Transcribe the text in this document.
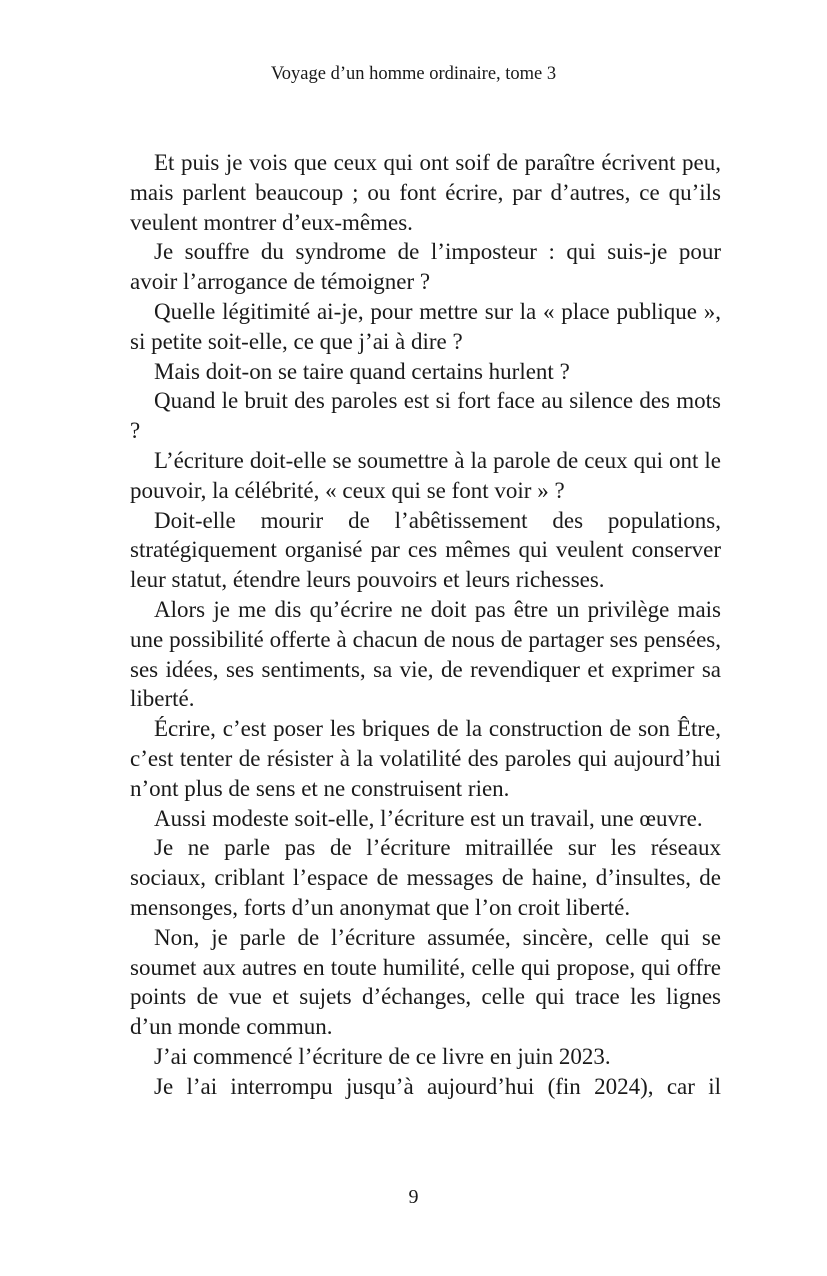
Voyage d’un homme ordinaire, tome 3

Et puis je vois que ceux qui ont soif de paraître écrivent peu, mais parlent beaucoup ; ou font écrire, par d’autres, ce qu’ils veulent montrer d’eux-mêmes.

Je souffre du syndrome de l’imposteur : qui suis-je pour avoir l’arrogance de témoigner ?

Quelle légitimité ai-je, pour mettre sur la « place publique », si petite soit-elle, ce que j’ai à dire ?

Mais doit-on se taire quand certains hurlent ?

Quand le bruit des paroles est si fort face au silence des mots ?

L’écriture doit-elle se soumettre à la parole de ceux qui ont le pouvoir, la célébrité, « ceux qui se font voir » ?

Doit-elle mourir de l’abêtissement des populations, stratégiquement organisé par ces mêmes qui veulent conserver leur statut, étendre leurs pouvoirs et leurs richesses.

Alors je me dis qu’écrire ne doit pas être un privilège mais une possibilité offerte à chacun de nous de partager ses pensées, ses idées, ses sentiments, sa vie, de revendiquer et exprimer sa liberté.

Écrire, c’est poser les briques de la construction de son Être, c’est tenter de résister à la volatilité des paroles qui aujourd’hui n’ont plus de sens et ne construisent rien.

Aussi modeste soit-elle, l’écriture est un travail, une œuvre.

Je ne parle pas de l’écriture mitraillée sur les réseaux sociaux, criblant l’espace de messages de haine, d’insultes, de mensonges, forts d’un anonymat que l’on croit liberté.

Non, je parle de l’écriture assumée, sincère, celle qui se soumet aux autres en toute humilité, celle qui propose, qui offre points de vue et sujets d’échanges, celle qui trace les lignes d’un monde commun.

J’ai commencé l’écriture de ce livre en juin 2023.

Je l’ai interrompu jusqu’à aujourd’hui (fin 2024), car il

9
